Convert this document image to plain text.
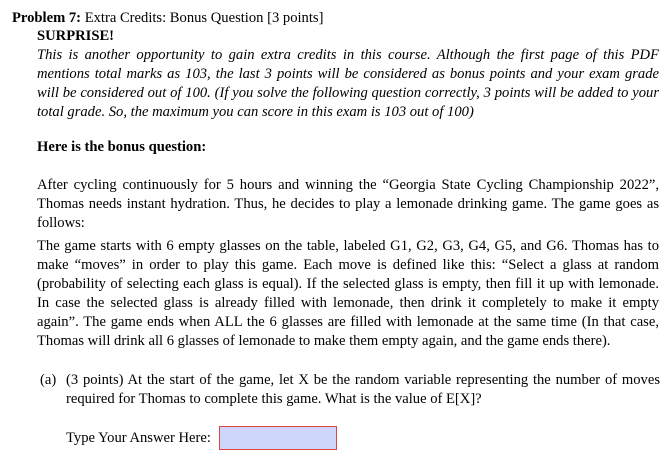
Problem 7: Extra Credits: Bonus Question [3 points]
SURPRISE!
This is another opportunity to gain extra credits in this course. Although the first page of this PDF mentions total marks as 103, the last 3 points will be considered as bonus points and your exam grade will be considered out of 100. (If you solve the following question correctly, 3 points will be added to your total grade. So, the maximum you can score in this exam is 103 out of 100)
Here is the bonus question:
After cycling continuously for 5 hours and winning the “Georgia State Cycling Championship 2022”, Thomas needs instant hydration. Thus, he decides to play a lemonade drinking game. The game goes as follows:
The game starts with 6 empty glasses on the table, labeled G1, G2, G3, G4, G5, and G6. Thomas has to make “moves” in order to play this game. Each move is defined like this: “Select a glass at random (probability of selecting each glass is equal). If the selected glass is empty, then fill it up with lemonade. In case the selected glass is already filled with lemonade, then drink it completely to make it empty again”. The game ends when ALL the 6 glasses are filled with lemonade at the same time (In that case, Thomas will drink all 6 glasses of lemonade to make them empty again, and the game ends there).
(a) (3 points) At the start of the game, let X be the random variable representing the number of moves required for Thomas to complete this game. What is the value of E[X]?
Type Your Answer Here:
